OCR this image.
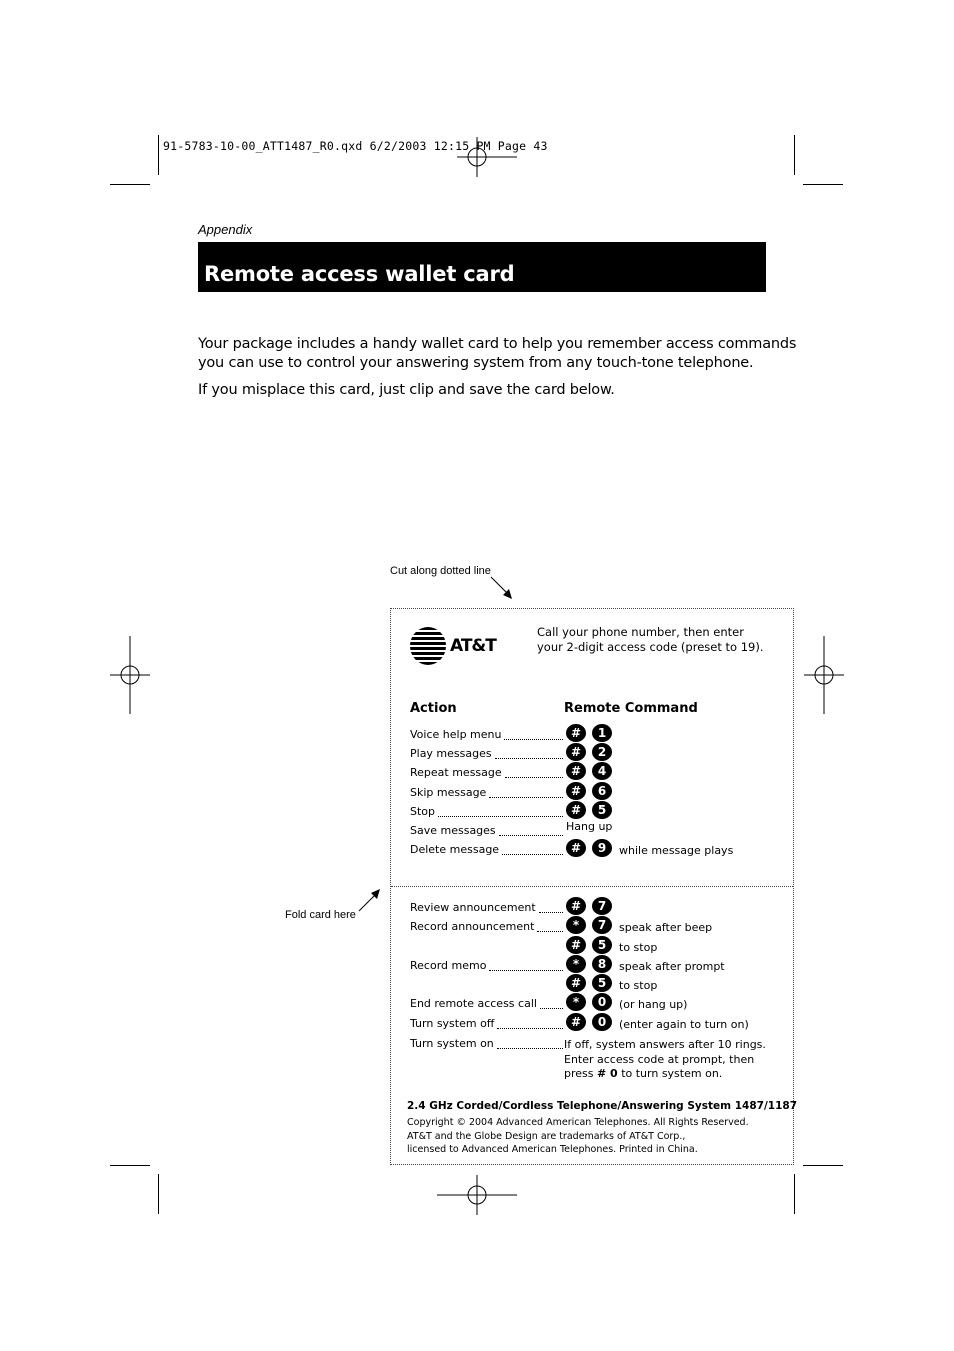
91-5783-10-00_ATT1487_R0.qxd 6/2/2003 12:15 PM Page 43
Appendix
Remote access wallet card
Your package includes a handy wallet card to help you remember access commands
you can use to control your answering system from any touch-tone telephone.
If you misplace this card, just clip and save the card below.
Cut along dotted line
Fold card here
AT&T
Call your phone number, then enter
your 2-digit access code (preset to 19).
Action	Remote Command
Voice help menu	#	1
Play messages	#	2
Repeat message	#	4
Skip message	#	6
Stop	#	5
Save messages	Hang up
Delete message	#	9	while message plays
Review announcement	#	7
Record announcement	*	7	speak after beep
#	5	to stop
Record memo	*	8	speak after prompt
#	5	to stop
End remote access call	*	0	(or hang up)
Turn system off	#	0	(enter again to turn on)
Turn system on	If off, system answers after 10 rings.
Enter access code at prompt, then
press # 0 to turn system on.
2.4 GHz Corded/Cordless Telephone/Answering System 1487/1187
Copyright © 2004 Advanced American Telephones. All Rights Reserved.
AT&T and the Globe Design are trademarks of AT&T Corp.,
licensed to Advanced American Telephones. Printed in China.
